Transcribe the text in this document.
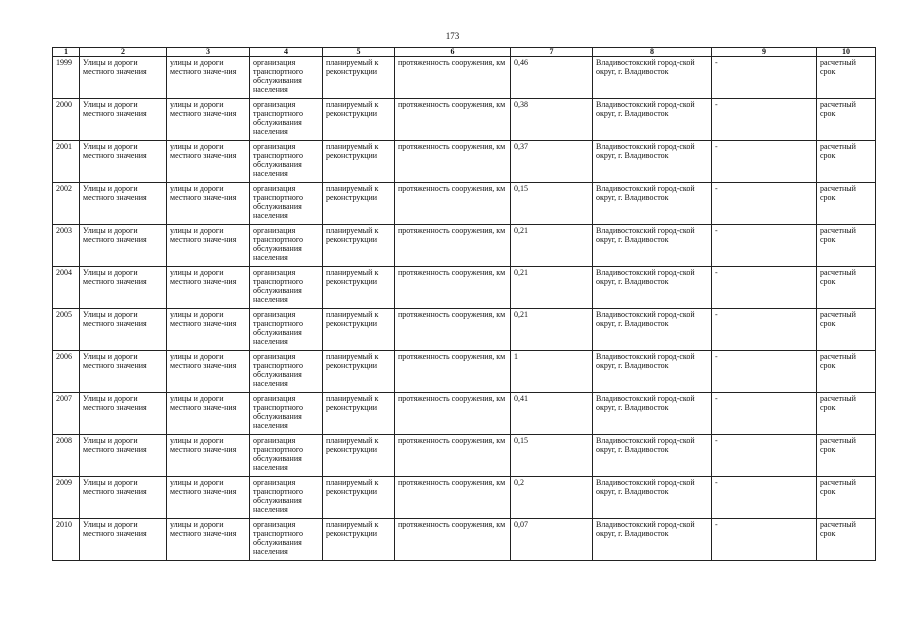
173
1	2	3	4	5	6	7	8	9	10
1999	Улицы и дороги местного значения	улицы и дороги местного значе-ния	организация транспортного обслуживания населения	планируемый к реконструкции	протяженность сооружения, км	0,46	Владивостокский город-ской округ, г. Владивосток	-	расчетный срок
2000	Улицы и дороги местного значения	улицы и дороги местного значе-ния	организация транспортного обслуживания населения	планируемый к реконструкции	протяженность сооружения, км	0,38	Владивостокский город-ской округ, г. Владивосток	-	расчетный срок
2001	Улицы и дороги местного значения	улицы и дороги местного значе-ния	организация транспортного обслуживания населения	планируемый к реконструкции	протяженность сооружения, км	0,37	Владивостокский город-ской округ, г. Владивосток	-	расчетный срок
2002	Улицы и дороги местного значения	улицы и дороги местного значе-ния	организация транспортного обслуживания населения	планируемый к реконструкции	протяженность сооружения, км	0,15	Владивостокский город-ской округ, г. Владивосток	-	расчетный срок
2003	Улицы и дороги местного значения	улицы и дороги местного значе-ния	организация транспортного обслуживания населения	планируемый к реконструкции	протяженность сооружения, км	0,21	Владивостокский город-ской округ, г. Владивосток	-	расчетный срок
2004	Улицы и дороги местного значения	улицы и дороги местного значе-ния	организация транспортного обслуживания населения	планируемый к реконструкции	протяженность сооружения, км	0,21	Владивостокский город-ской округ, г. Владивосток	-	расчетный срок
2005	Улицы и дороги местного значения	улицы и дороги местного значе-ния	организация транспортного обслуживания населения	планируемый к реконструкции	протяженность сооружения, км	0,21	Владивостокский город-ской округ, г. Владивосток	-	расчетный срок
2006	Улицы и дороги местного значения	улицы и дороги местного значе-ния	организация транспортного обслуживания населения	планируемый к реконструкции	протяженность сооружения, км	1	Владивостокский город-ской округ, г. Владивосток	-	расчетный срок
2007	Улицы и дороги местного значения	улицы и дороги местного значе-ния	организация транспортного обслуживания населения	планируемый к реконструкции	протяженность сооружения, км	0,41	Владивостокский город-ской округ, г. Владивосток	-	расчетный срок
2008	Улицы и дороги местного значения	улицы и дороги местного значе-ния	организация транспортного обслуживания населения	планируемый к реконструкции	протяженность сооружения, км	0,15	Владивостокский город-ской округ, г. Владивосток	-	расчетный срок
2009	Улицы и дороги местного значения	улицы и дороги местного значе-ния	организация транспортного обслуживания населения	планируемый к реконструкции	протяженность сооружения, км	0,2	Владивостокский город-ской округ, г. Владивосток	-	расчетный срок
2010	Улицы и дороги местного значения	улицы и дороги местного значе-ния	организация транспортного обслуживания населения	планируемый к реконструкции	протяженность сооружения, км	0,07	Владивостокский город-ской округ, г. Владивосток	-	расчетный срок
